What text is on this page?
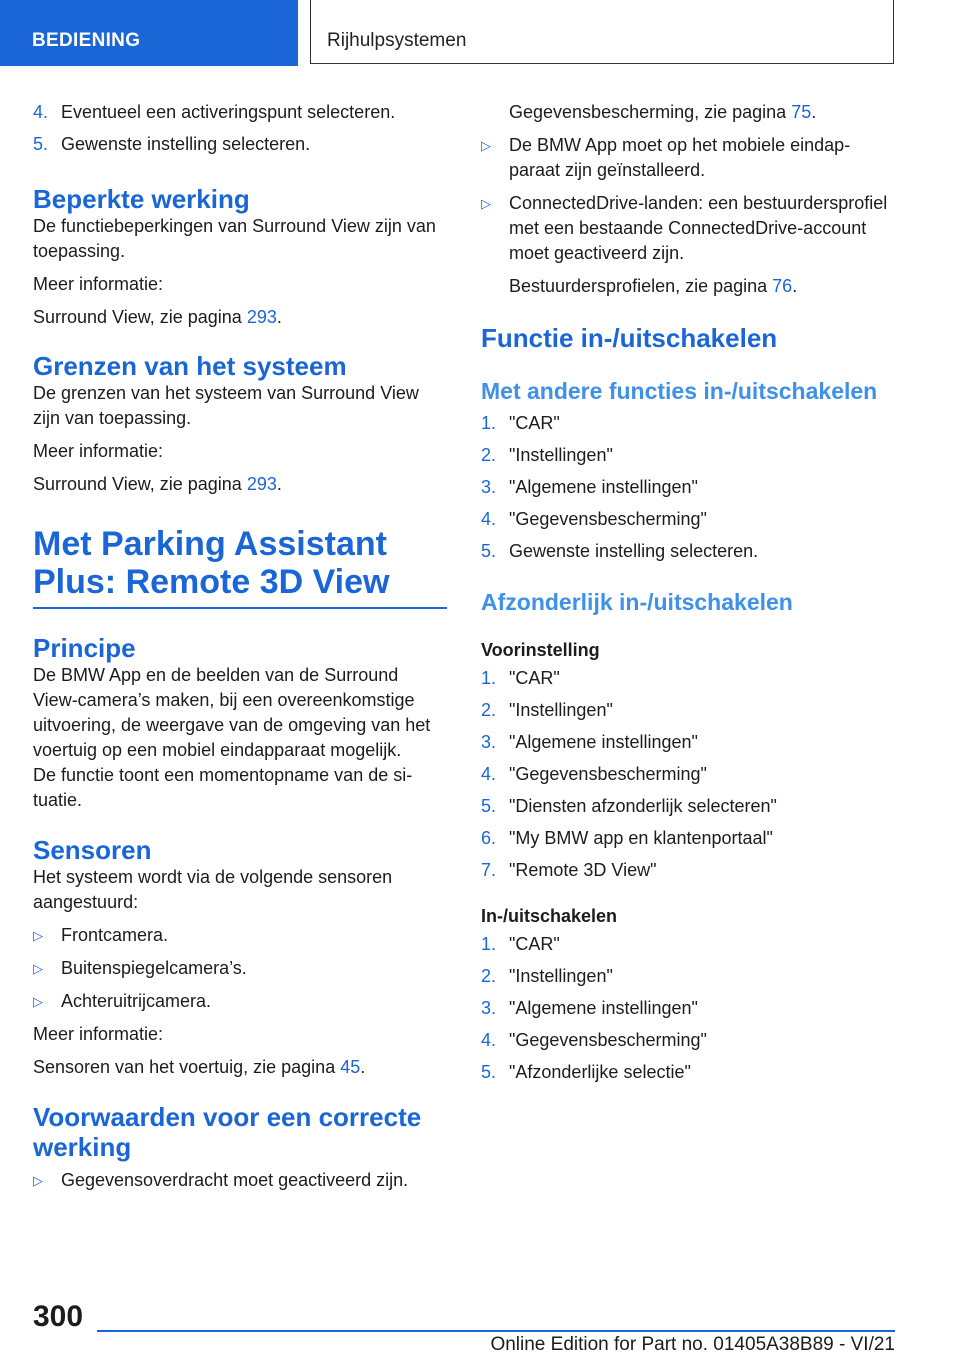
BEDIENING	Rijhulpsystemen
4. Eventueel een activeringspunt selecteren.
5. Gewenste instelling selecteren.
Beperkte werking

De functiebeperkingen van Surround View zijn van toepassing.

Meer informatie:

Surround View, zie pagina 293.

Grenzen van het systeem

De grenzen van het systeem van Surround View zijn van toepassing.

Meer informatie:

Surround View, zie pagina 293.

Met Parking Assistant Plus: Remote 3D View
Principe

De BMW App en de beelden van de Surround View-camera’s maken, bij een overeenkomstige uitvoering, de weergave van de omgeving van het voertuig op een mobiel eindapparaat mogelijk.

De functie toont een momentopname van de situatie.

Sensoren

Het systeem wordt via de volgende sensoren aangestuurd:

▷ Frontcamera.
▷ Buitenspiegelcamera’s.
▷ Achteruitrijcamera.

Meer informatie:

Sensoren van het voertuig, zie pagina 45.

Voorwaarden voor een correcte werking
▷ Gegevensoverdracht moet geactiveerd zijn.

Gegevensbescherming, zie pagina 75.

▷ De BMW App moet op het mobiele eindapparaat zijn geïnstalleerd.
▷ ConnectedDrive-landen: een bestuurdersprofiel met een bestaande ConnectedDrive-account moet geactiveerd zijn.

Bestuurdersprofielen, zie pagina 76.

Functie in-/uitschakelen
Met andere functies in-/uitschakelen
1. "CAR"
2. "Instellingen"
3. "Algemene instellingen"
4. "Gegevensbescherming"
5. Gewenste instelling selecteren.
Afzonderlijk in-/uitschakelen
Voorinstelling
1. "CAR"
2. "Instellingen"
3. "Algemene instellingen"
4. "Gegevensbescherming"
5. "Diensten afzonderlijk selecteren"
6. "My BMW app en klantenportaal"
7. "Remote 3D View"
In-/uitschakelen
1. "CAR"
2. "Instellingen"
3. "Algemene instellingen"
4. "Gegevensbescherming"
5. "Afzonderlijke selectie"
300
Online Edition for Part no. 01405A38B89 - VI/21
